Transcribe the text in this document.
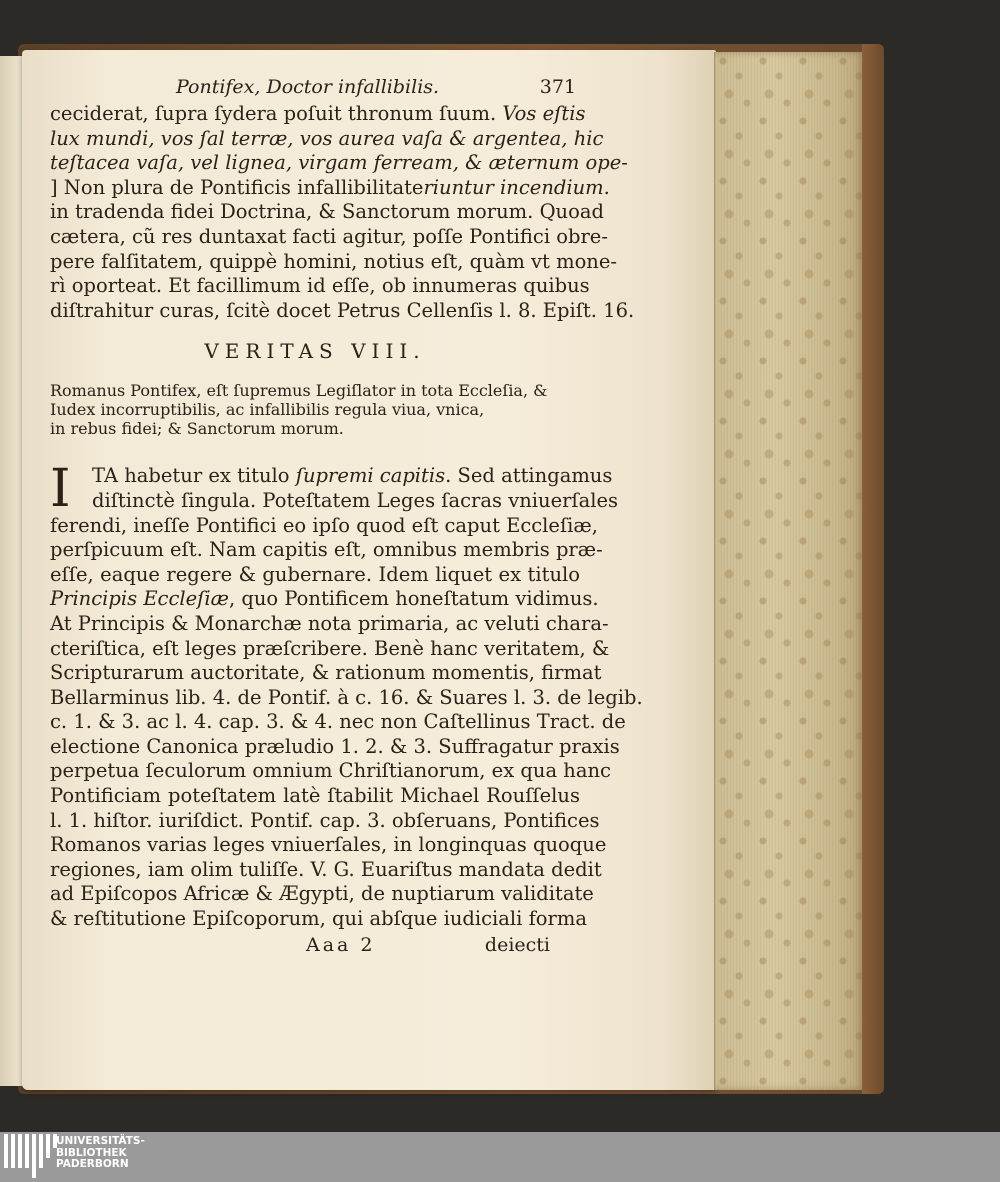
Pontifex, Doctor infallibilis.	371
ceciderat, ſupra ſydera poſuit thronum ſuum. Vos eſtis
lux mundi, vos ſal terræ, vos aurea vaſa & argentea, hic
teſtacea vaſa, vel lignea, virgam ferream, & æternum ope-
] Non plura de Pontificis infallibilitateriuntur incendium.
in tradenda fidei Doctrina, & Sanctorum morum. Quoad
cætera, cũ res duntaxat facti agitur, poſſe Pontifici obre-
pere falſitatem, quippè homini, notius eſt, quàm vt mone-
rì oporteat. Et facillimum id eſſe, ob innumeras quibus
diſtrahitur curas, ſcitè docet Petrus Cellenſis l. 8. Epiſt. 16.
VERITAS VIII.
Romanus Pontifex, eſt ſupremus Legiſlator in tota Eccleſia, &
Iudex incorruptibilis, ac infallibilis regula viua, vnica,
in rebus fidei; & Sanctorum morum.
I	TA habetur ex titulo ſupremi capitis. Sed attingamus
diſtinctè ſingula. Poteſtatem Leges ſacras vniuerſales
ferendi, ineſſe Pontifici eo ipſo quod eſt caput Eccleſiæ,
perſpicuum eſt. Nam capitis eſt, omnibus membris præ-
eſſe, eaque regere & gubernare. Idem liquet ex titulo
Principis Eccleſiæ, quo Pontificem honeſtatum vidimus.
At Principis & Monarchæ nota primaria, ac veluti chara-
cteriſtica, eſt leges præſcribere. Benè hanc veritatem, &
Scripturarum auctoritate, & rationum momentis, firmat
Bellarminus lib. 4. de Pontif. à c. 16. & Suares l. 3. de legib.
c. 1. & 3. ac l. 4. cap. 3. & 4. nec non Caſtellinus Tract. de
electione Canonica præludio 1. 2. & 3. Suffragatur praxis
perpetua ſeculorum omnium Chriſtianorum, ex qua hanc
Pontificiam poteſtatem latè ſtabilit Michael Rouſſelus
l. 1. hiſtor. iuriſdict. Pontif. cap. 3. obſeruans, Pontifices
Romanos varias leges vniuerſales, in longinquas quoque
regiones, iam olim tuliſſe. V. G. Euariſtus mandata dedit
ad Epiſcopos Africæ & Ægypti, de nuptiarum validitate
& reſtitutione Epiſcoporum, qui abſque iudiciali forma
Aaa 2	deiecti
UNIVERSITÄTS-
BIBLIOTHEK
PADERBORN
